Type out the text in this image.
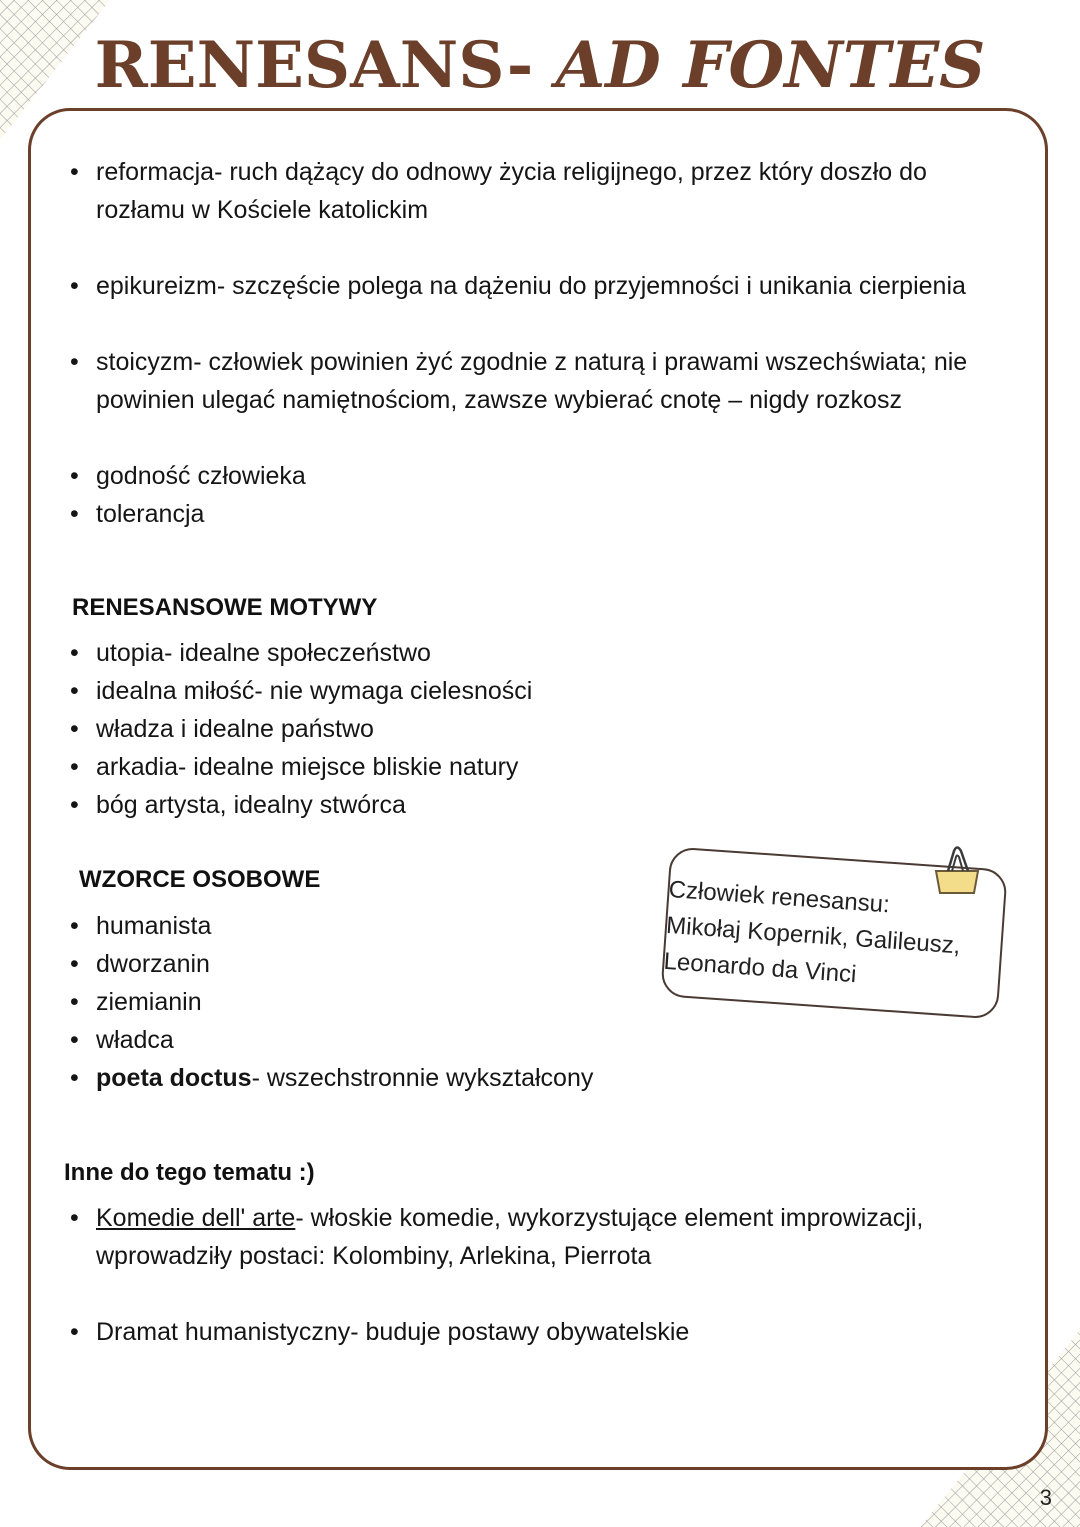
RENESANS- AD FONTES
• reformacja- ruch dążący do odnowy życia religijnego, przez który doszło do rozłamu w Kościele katolickim
• epikureizm- szczęście polega na dążeniu do przyjemności i unikania cierpienia
• stoicyzm- człowiek powinien żyć zgodnie z naturą i prawami wszechświata; nie powinien ulegać namiętnościom, zawsze wybierać cnotę – nigdy rozkosz
• godność człowieka
• tolerancja
RENESANSOWE MOTYWY
• utopia- idealne społeczeństwo
• idealna miłość- nie wymaga cielesności
• władza i idealne państwo
• arkadia- idealne miejsce bliskie natury
• bóg artysta, idealny stwórca
WZORCE OSOBOWE
• humanista
• dworzanin
• ziemianin
• władca
• poeta doctus- wszechstronnie wykształcony
Człowiek renesansu:
Mikołaj Kopernik, Galileusz,
Leonardo da Vinci
Inne do tego tematu :)
• Komedie dell' arte- włoskie komedie, wykorzystujące element improwizacji, wprowadziły postaci: Kolombiny, Arlekina, Pierrota
• Dramat humanistyczny- buduje postawy obywatelskie
3
